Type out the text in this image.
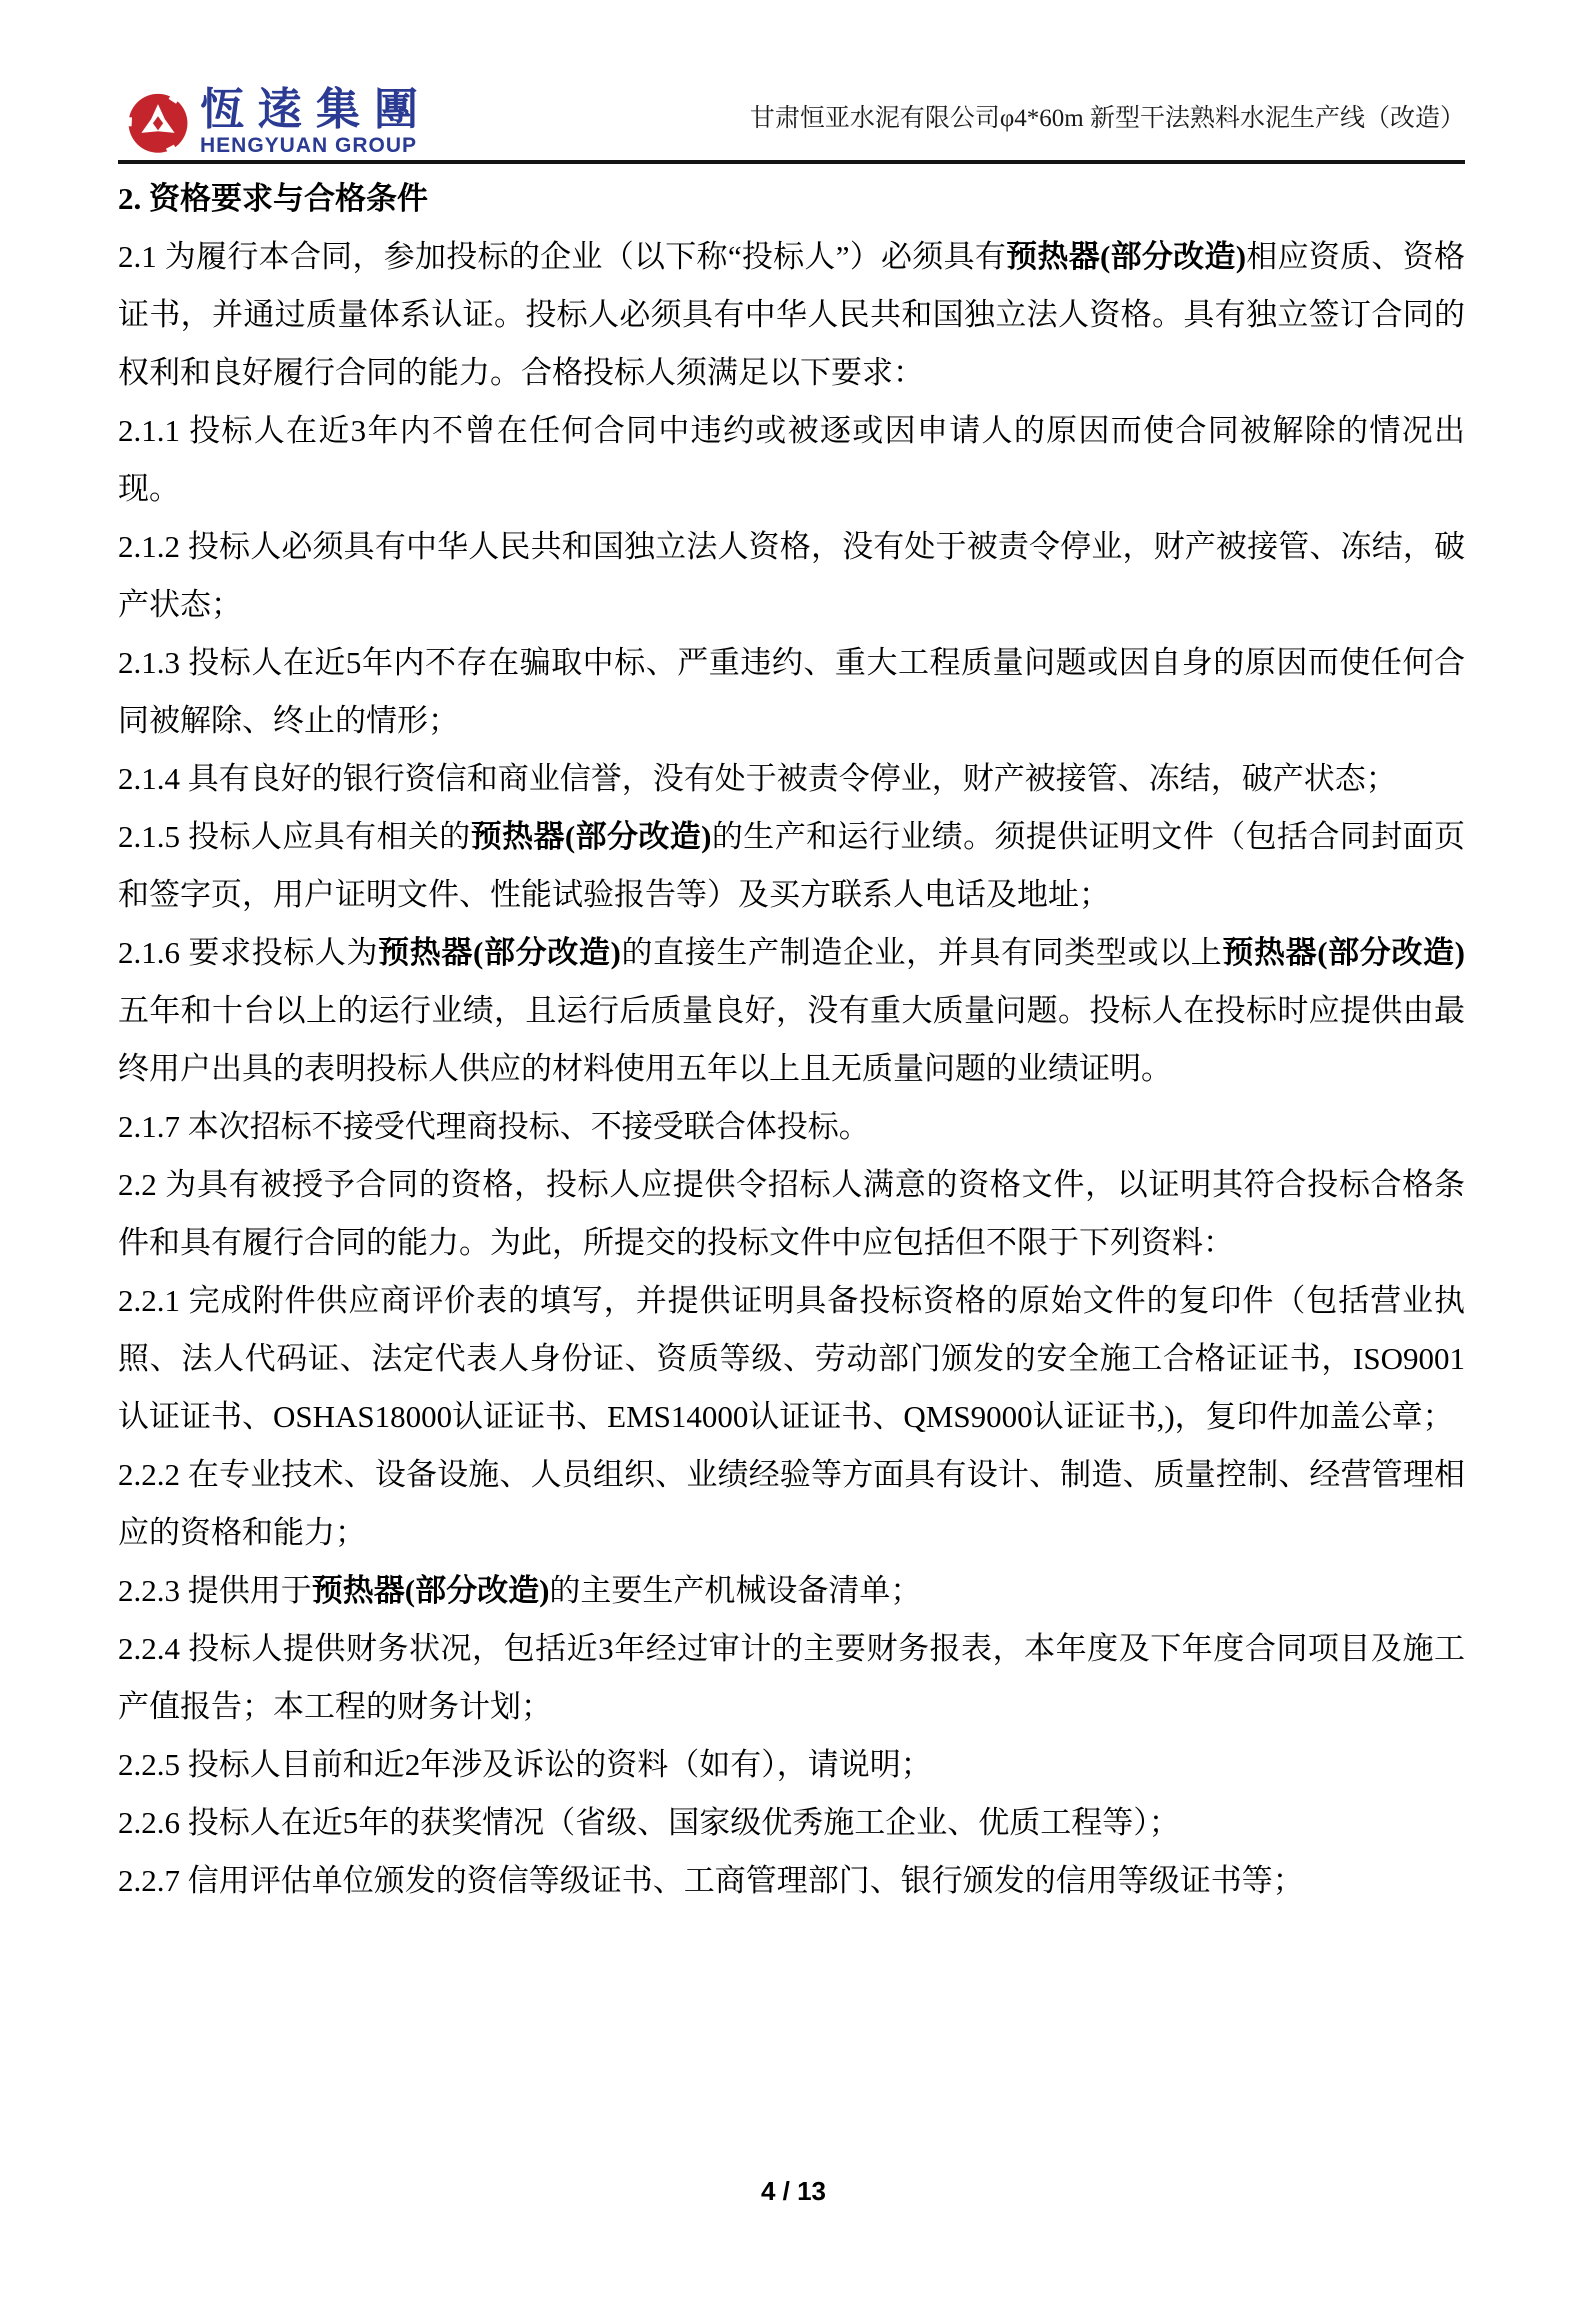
恆逺集團
HENGYUAN GROUP
甘肃恒亚水泥有限公司φ4*60m 新型干法熟料水泥生产线（改造）
2. 资格要求与合格条件
2.1 为履行本合同，参加投标的企业（以下称“投标人”）必须具有预热器(部分改造)相应资质、资格证书，并通过质量体系认证。投标人必须具有中华人民共和国独立法人资格。具有独立签订合同的权利和良好履行合同的能力。合格投标人须满足以下要求：
2.1.1 投标人在近3年内不曾在任何合同中违约或被逐或因申请人的原因而使合同被解除的情况出现。
2.1.2 投标人必须具有中华人民共和国独立法人资格，没有处于被责令停业，财产被接管、冻结，破产状态；
2.1.3 投标人在近5年内不存在骗取中标、严重违约、重大工程质量问题或因自身的原因而使任何合同被解除、终止的情形；
2.1.4 具有良好的银行资信和商业信誉，没有处于被责令停业，财产被接管、冻结，破产状态；
2.1.5 投标人应具有相关的预热器(部分改造)的生产和运行业绩。须提供证明文件（包括合同封面页和签字页，用户证明文件、性能试验报告等）及买方联系人电话及地址；
2.1.6 要求投标人为预热器(部分改造)的直接生产制造企业，并具有同类型或以上预热器(部分改造)五年和十台以上的运行业绩，且运行后质量良好，没有重大质量问题。投标人在投标时应提供由最终用户出具的表明投标人供应的材料使用五年以上且无质量问题的业绩证明。
2.1.7 本次招标不接受代理商投标、不接受联合体投标。
2.2 为具有被授予合同的资格，投标人应提供令招标人满意的资格文件，以证明其符合投标合格条件和具有履行合同的能力。为此，所提交的投标文件中应包括但不限于下列资料：
2.2.1 完成附件供应商评价表的填写，并提供证明具备投标资格的原始文件的复印件（包括营业执照、法人代码证、法定代表人身份证、资质等级、劳动部门颁发的安全施工合格证证书，ISO9001认证证书、OSHAS18000认证证书、EMS14000认证证书、QMS9000认证证书,)，复印件加盖公章；
2.2.2 在专业技术、设备设施、人员组织、业绩经验等方面具有设计、制造、质量控制、经营管理相应的资格和能力；
2.2.3 提供用于预热器(部分改造)的主要生产机械设备清单；
2.2.4 投标人提供财务状况，包括近3年经过审计的主要财务报表，本年度及下年度合同项目及施工产值报告；本工程的财务计划；
2.2.5 投标人目前和近2年涉及诉讼的资料（如有），请说明；
2.2.6 投标人在近5年的获奖情况（省级、国家级优秀施工企业、优质工程等）；
2.2.7 信用评估单位颁发的资信等级证书、工商管理部门、银行颁发的信用等级证书等；
4 / 13
